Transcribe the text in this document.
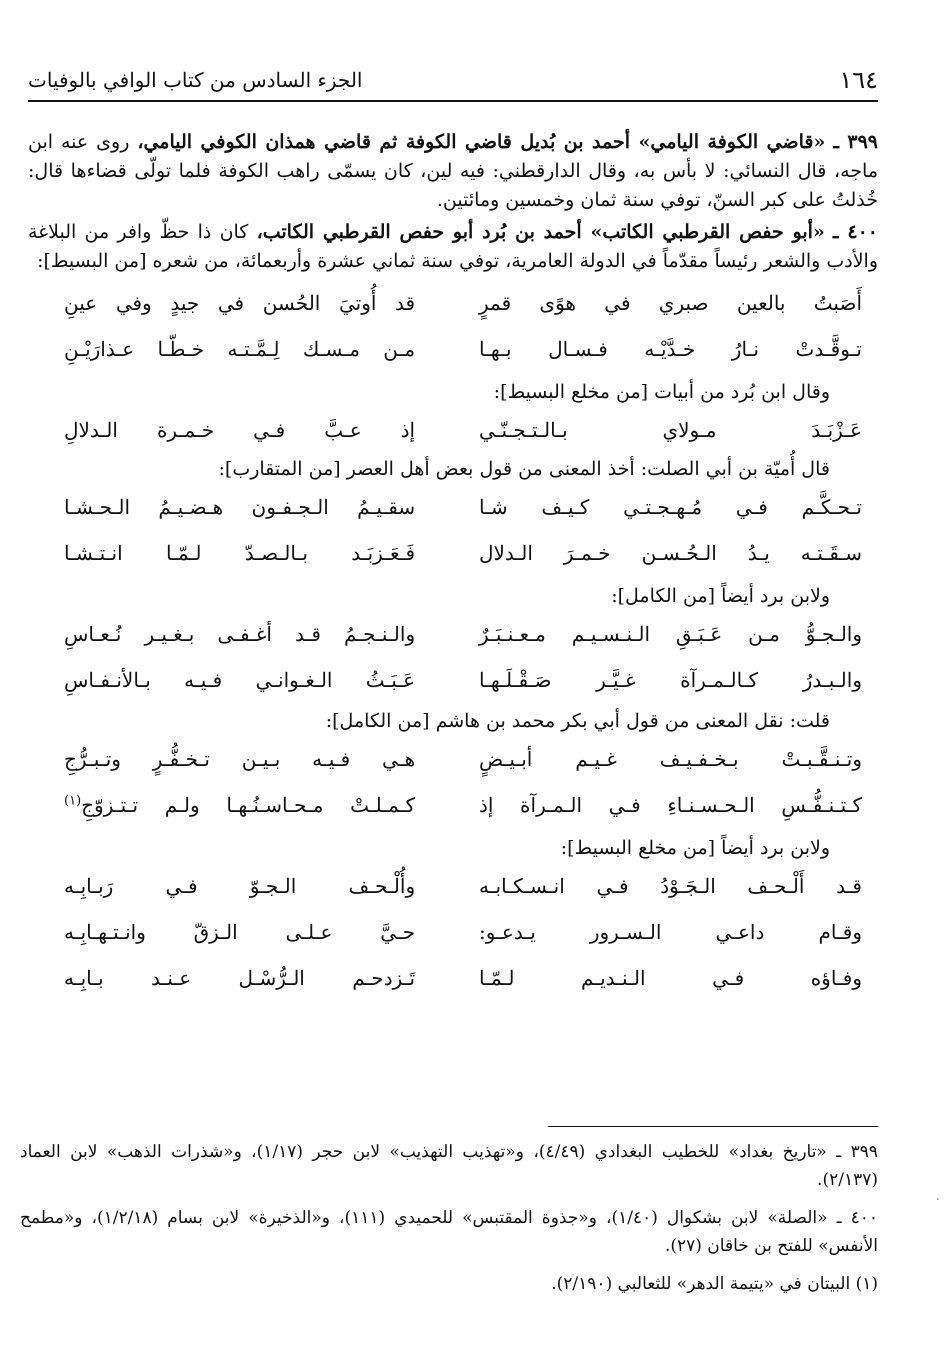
١٦٤
الجزء السادس من كتاب الوافي بالوفيات

٣٩٩ ـ «قاضي الكوفة اليامي» أحمد بن بُديل قاضي الكوفة ثم قاضي همذان الكوفي اليامي، روى عنه ابن ماجه، قال النسائي: لا بأس به، وقال الدارقطني: فيه لين، كان يسمّى راهب الكوفة فلما تولّى قضاءها قال: خُذلتُ على كبر السنّ، توفي سنة ثمان وخمسين ومائتين.

٤٠٠ ـ «أبو حفص القرطبي الكاتب» أحمد بن بُرد أبو حفص القرطبي الكاتب، كان ذا حظّ وافر من البلاغة والأدب والشعر رئيساً مقدّماً في الدولة العامرية، توفي سنة ثماني عشرة وأربعمائة، من شعره [من البسيط]:

أَصَبتُ بالعين صبري في هوًى قمرٍ
قد أُوتيَ الحُسن في جيدٍ وفي عينِ
تـوقَّـدتْ نـارُ خـدَّيْـه فـسـال بـهـا
مـن مـسـك لِـمَّـتـه خـطّـا عـذارَيْـنِ

وقال ابن بُرد من أبيات [من مخلع البسيط]:

عَـزْبَـدَ مـولاي بـالـتـجـنّـي
إذ عـبَّ فـي خـمـرة الـدلالِ

قال أُميّة بن أبي الصلت: أخذ المعنى من قول بعض أهل العصر [من المتقارب]:

تـحـكَّـم فـي مُـهـجـتـي كـيـف شـا
سقـيـمُ الـجـفـون هـضـيـمُ الـحـشـا
سـقَـتـه يـدُ الـحُـسـن خـمـرَ الـدلال
فَـعَـزبَـد بـالـصـدّ لـمّـا انـتـشـا

ولابن برد أيضاً [من الكامل]:

والـجـوُّ مـن عَـبَـقِ الـنـسـيـم مـعـنـبَـرٌ
والـنـجـمُ قـد أغـفـى بـغـيـر نُـعـاسِ
والـبـدرُ كـالـمـرآة غـيَّـر صَـقْـلَـهـا
عَـبَـثُ الـغـوانـي فـيـه بـالأنـفـاسِ

قلت: نقل المعنى من قول أبي بكر محمد بن هاشم [من الكامل]:

وتـنـقَّـبـتْ بـخـفـيـف غـيـم أبـيـضٍ
هـي فـيـه بـيـن تـخـفُّـرٍ وتـبـرُّجِ
كـتـنـفُّـسِ الـحـسـنـاءِ فـي الـمـرآة إذ
كـمـلـتْ مـحـاسـنُـهـا ولـم تـتـزوّجِ$^{(١)}$

ولابن برد أيضاً [من مخلع البسيط]:

قـد أَلْـحـف الـجَـوْدُ فـي انـسـكـابـه
وأُلْـحـف الـجـوّ فـي رَبـابِـه
وقـام داعـي الـسـرور يـدعـو:
حـيَّ عـلـى الـزقّ وانـتـهـابِـه
وفـاؤه فـي الـنـديـم لـمّـا
تَـزدحـم الـرُّسْـل عـنـد بـابِـه

٣٩٩ ـ «تاريخ بغداد» للخطيب البغدادي (٤/٤٩)، و«تهذيب التهذيب» لابن حجر (١/١٧)، و«شذرات الذهب» لابن العماد (٢/١٣٧).

٤٠٠ ـ «الصلة» لابن بشكوال (١/٤٠)، و«جذوة المقتبس» للحميدي (١١١)، و«الذخيرة» لابن بسام (١/٢/١٨)، و«مطمح الأنفس» للفتح بن خاقان (٢٧).

(١) البيتان في «يتيمة الدهر» للثعالبي (٢/١٩٠).

·
